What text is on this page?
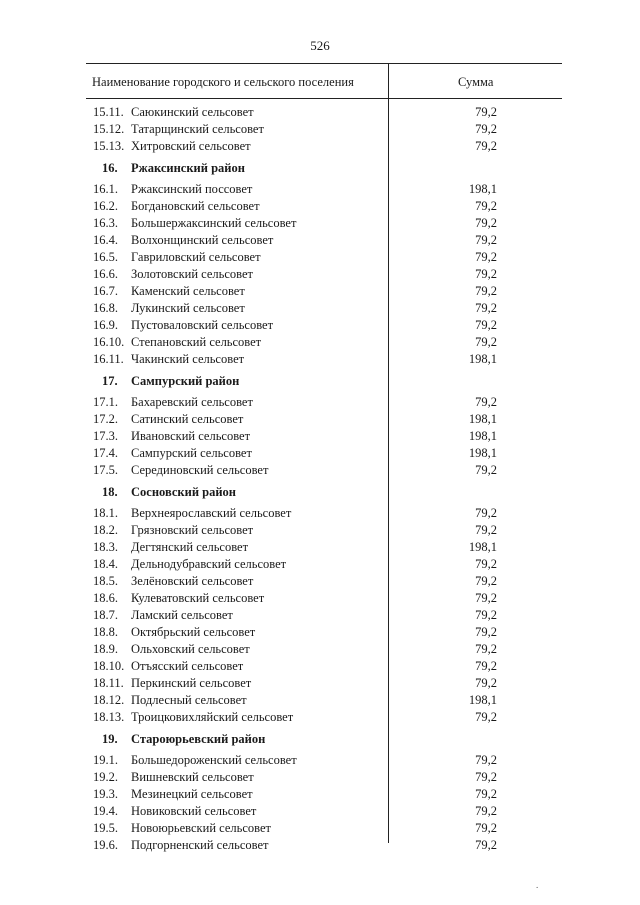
526
Наименование городского и сельского поселения	Сумма
15.11. Саюкинский сельсовет	79,2
15.12. Татарщинский сельсовет	79,2
15.13. Хитровский сельсовет	79,2
16. Ржаксинский район
16.1. Ржаксинский поссовет	198,1
16.2. Богдановский сельсовет	79,2
16.3. Большержаксинский сельсовет	79,2
16.4. Волхонщинский сельсовет	79,2
16.5. Гавриловский сельсовет	79,2
16.6. Золотовский сельсовет	79,2
16.7. Каменский сельсовет	79,2
16.8. Лукинский сельсовет	79,2
16.9. Пустоваловский сельсовет	79,2
16.10. Степановский сельсовет	79,2
16.11. Чакинский сельсовет	198,1
17. Сампурский район
17.1. Бахаревский сельсовет	79,2
17.2. Сатинский сельсовет	198,1
17.3. Ивановский сельсовет	198,1
17.4. Сампурский сельсовет	198,1
17.5. Серединовский сельсовет	79,2
18. Сосновский район
18.1. Верхнеярославский сельсовет	79,2
18.2. Грязновский сельсовет	79,2
18.3. Дегтянский сельсовет	198,1
18.4. Дельнодубравский сельсовет	79,2
18.5. Зелёновский сельсовет	79,2
18.6. Кулеватовский сельсовет	79,2
18.7. Ламский сельсовет	79,2
18.8. Октябрьский сельсовет	79,2
18.9. Ольховский сельсовет	79,2
18.10. Отъясский сельсовет	79,2
18.11. Перкинский сельсовет	79,2
18.12. Подлесный сельсовет	198,1
18.13. Троицковихляйский сельсовет	79,2
19. Староюрьевский район
19.1. Большедороженский сельсовет	79,2
19.2. Вишневский сельсовет	79,2
19.3. Мезинецкий сельсовет	79,2
19.4. Новиковский сельсовет	79,2
19.5. Новоюрьевский сельсовет	79,2
19.6. Подгорненский сельсовет	79,2
.
